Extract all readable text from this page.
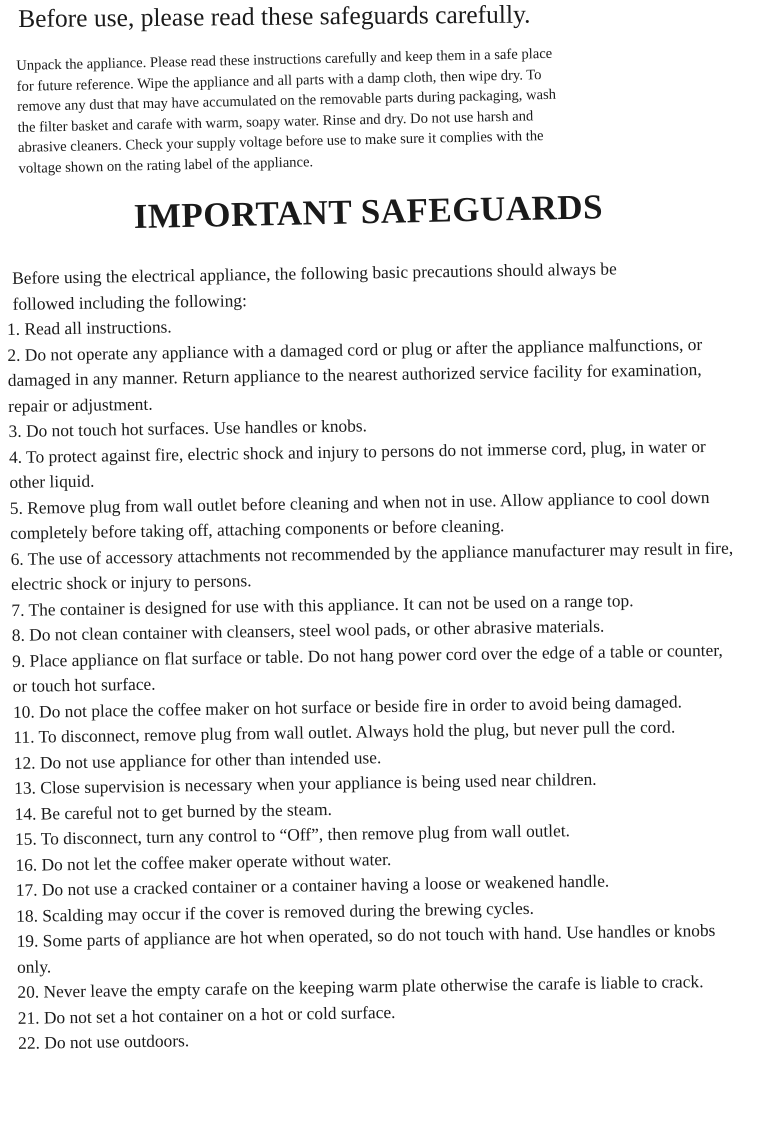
Before use, please read these safeguards carefully.
Unpack the appliance. Please read these instructions carefully and keep them in a safe place
for future reference. Wipe the appliance and all parts with a damp cloth, then wipe dry. To
remove any dust that may have accumulated on the removable parts during packaging, wash
the filter basket and carafe with warm, soapy water. Rinse and dry. Do not use harsh and
abrasive cleaners. Check your supply voltage before use to make sure it complies with the
voltage shown on the rating label of the appliance.
IMPORTANT SAFEGUARDS

Before using the electrical appliance, the following basic precautions should always be

followed including the following:

1. Read all instructions.

2. Do not operate any appliance with a damaged cord or plug or after the appliance malfunctions, or damaged in any manner. Return appliance to the nearest authorized service facility for examination, repair or adjustment.

3. Do not touch hot surfaces. Use handles or knobs.

4. To protect against fire, electric shock and injury to persons do not immerse cord, plug, in water or other liquid.

5. Remove plug from wall outlet before cleaning and when not in use. Allow appliance to cool down completely before taking off, attaching components or before cleaning.

6. The use of accessory attachments not recommended by the appliance manufacturer may result in fire, electric shock or injury to persons.

7. The container is designed for use with this appliance. It can not be used on a range top.

8. Do not clean container with cleansers, steel wool pads, or other abrasive materials.

9. Place appliance on flat surface or table. Do not hang power cord over the edge of a table or counter, or touch hot surface.

10. Do not place the coffee maker on hot surface or beside fire in order to avoid being damaged.

11. To disconnect, remove plug from wall outlet. Always hold the plug, but never pull the cord.

12. Do not use appliance for other than intended use.

13. Close supervision is necessary when your appliance is being used near children.

14. Be careful not to get burned by the steam.

15. To disconnect, turn any control to “Off”, then remove plug from wall outlet.

16. Do not let the coffee maker operate without water.

17. Do not use a cracked container or a container having a loose or weakened handle.

18. Scalding may occur if the cover is removed during the brewing cycles.

19. Some parts of appliance are hot when operated, so do not touch with hand. Use handles or knobs only.

20. Never leave the empty carafe on the keeping warm plate otherwise the carafe is liable to crack.

21. Do not set a hot container on a hot or cold surface.

22. Do not use outdoors.
